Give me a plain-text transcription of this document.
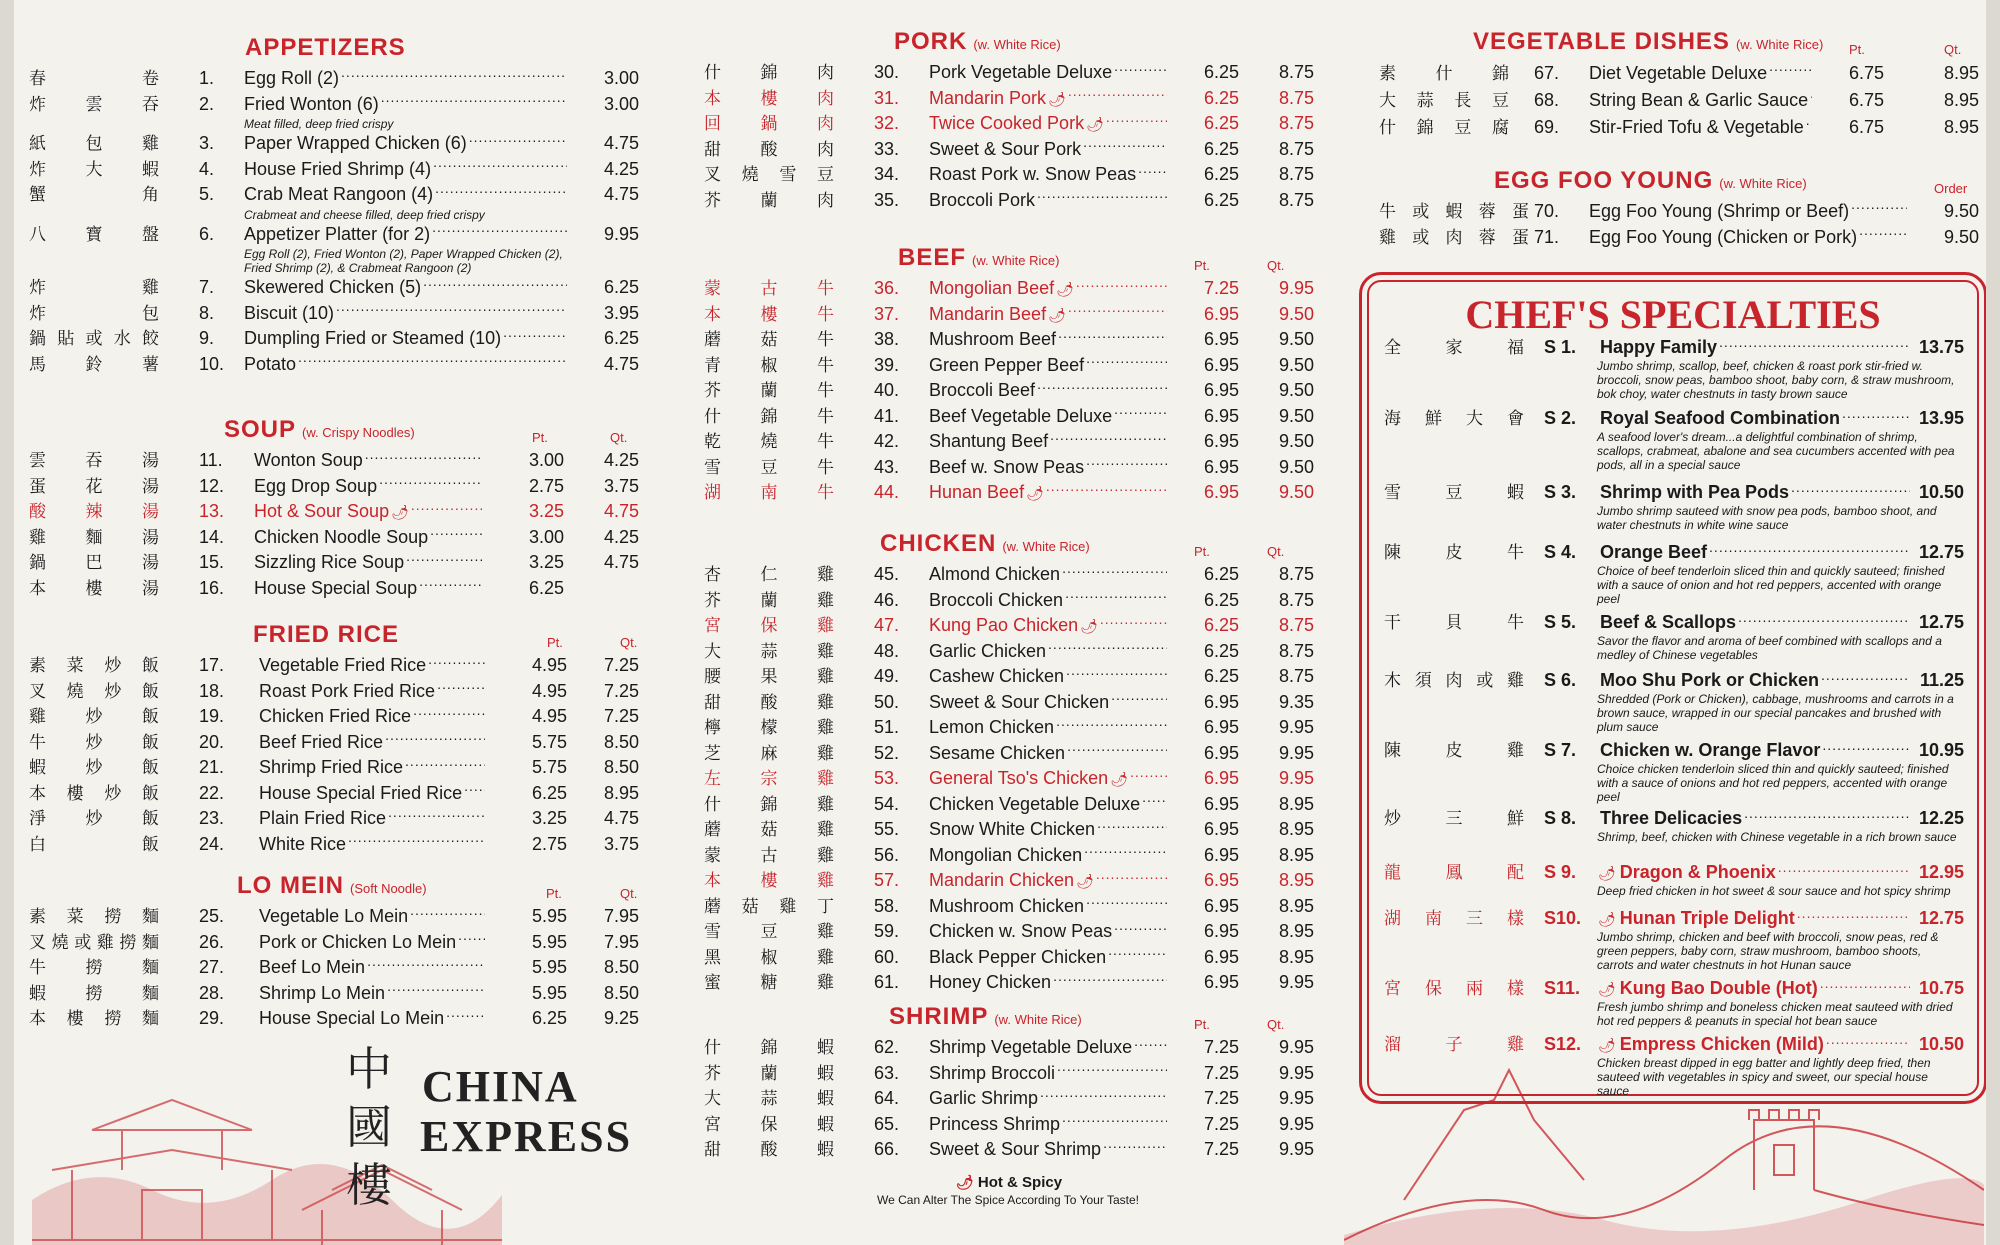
APPETIZERS
春	卷 1.	Egg Roll (2) .....	3.00
炸 雲 吞 2.	Fried Wonton (6) .....	3.00
Meat filled, deep fried crispy
紙 包 雞 3.	Paper Wrapped Chicken (6) .....	4.75
炸 大 蝦 4.	House Fried Shrimp (4) .....	4.25
蟹	角 5.	Crab Meat Rangoon (4) .....	4.75
Crabmeat and cheese filled, deep fried crispy
八 寶 盤 6.	Appetizer Platter (for 2) .....	9.95
Egg Roll (2), Fried Wonton (2), Paper Wrapped Chicken (2), Fried Shrimp (2), & Crabmeat Rangoon (2)
炸	雞 7.	Skewered Chicken (5) .....	6.25
炸	包 8.	Biscuit (10) .....	3.95
鍋 貼 或 水 餃 9.	Dumpling Fried or Steamed (10) .....	6.25
馬 鈴 薯 10.	Potato .....	4.75
SOUP (w. Crispy Noodles)	Pt.	Qt.
雲 吞 湯 11.	Wonton Soup .....	3.00	4.25
蛋 花 湯 12.	Egg Drop Soup .....	2.75	3.75
酸 辣 湯 13.	Hot & Sour Soup 🌶 .....	3.25	4.75
雞 麵 湯 14.	Chicken Noodle Soup .....	3.00	4.25
鍋 巴 湯 15.	Sizzling Rice Soup .....	3.25	4.75
本 樓 湯 16.	House Special Soup .....	6.25
FRIED RICE	Pt.	Qt.
素 菜 炒 飯 17.	Vegetable Fried Rice .....	4.95	7.25
叉 燒 炒 飯 18.	Roast Pork Fried Rice .....	4.95	7.25
雞 炒 飯 19.	Chicken Fried Rice .....	4.95	7.25
牛 炒 飯 20.	Beef Fried Rice .....	5.75	8.50
蝦 炒 飯 21.	Shrimp Fried Rice .....	5.75	8.50
本 樓 炒 飯 22.	House Special Fried Rice .....	6.25	8.95
淨 炒 飯 23.	Plain Fried Rice .....	3.25	4.75
白	飯 24.	White Rice .....	2.75	3.75
LO MEIN (Soft Noodle)	Pt.	Qt.
素 菜 撈 麵 25.	Vegetable Lo Mein .....	5.95	7.95
叉 燒 或 雞 撈 麵 26.	Pork or Chicken Lo Mein .....	5.95	7.95
牛 撈 麵 27.	Beef Lo Mein .....	5.95	8.50
蝦 撈 麵 28.	Shrimp Lo Mein .....	5.95	8.50
本 樓 撈 麵 29.	House Special Lo Mein .....	6.25	9.25
PORK (w. White Rice)
什 錦 肉 30.	Pork Vegetable Deluxe .....	6.25	8.75
本 樓 肉 31.	Mandarin Pork 🌶 .....	6.25	8.75
回 鍋 肉 32.	Twice Cooked Pork 🌶 .....	6.25	8.75
甜 酸 肉 33.	Sweet & Sour Pork .....	6.25	8.75
叉 燒 雪 豆 34.	Roast Pork w. Snow Peas .....	6.25	8.75
芥 蘭 肉 35.	Broccoli Pork .....	6.25	8.75
BEEF (w. White Rice)	Pt.	Qt.
蒙 古 牛 36.	Mongolian Beef 🌶 .....	7.25	9.95
本 樓 牛 37.	Mandarin Beef 🌶 .....	6.95	9.50
蘑 菇 牛 38.	Mushroom Beef .....	6.95	9.50
青 椒 牛 39.	Green Pepper Beef .....	6.95	9.50
芥 蘭 牛 40.	Broccoli Beef .....	6.95	9.50
什 錦 牛 41.	Beef Vegetable Deluxe .....	6.95	9.50
乾 燒 牛 42.	Shantung Beef .....	6.95	9.50
雪 豆 牛 43.	Beef w. Snow Peas .....	6.95	9.50
湖 南 牛 44.	Hunan Beef 🌶 .....	6.95	9.50
CHICKEN (w. White Rice)	Pt.	Qt.
杏 仁 雞 45.	Almond Chicken .....	6.25	8.75
芥 蘭 雞 46.	Broccoli Chicken .....	6.25	8.75
宮 保 雞 47.	Kung Pao Chicken 🌶 .....	6.25	8.75
大 蒜 雞 48.	Garlic Chicken .....	6.25	8.75
腰 果 雞 49.	Cashew Chicken .....	6.25	8.75
甜 酸 雞 50.	Sweet & Sour Chicken .....	6.95	9.35
檸 檬 雞 51.	Lemon Chicken .....	6.95	9.95
芝 麻 雞 52.	Sesame Chicken .....	6.95	9.95
左 宗 雞 53.	General Tso's Chicken 🌶 .....	6.95	9.95
什 錦 雞 54.	Chicken Vegetable Deluxe .....	6.95	8.95
蘑 菇 雞 55.	Snow White Chicken .....	6.95	8.95
蒙 古 雞 56.	Mongolian Chicken .....	6.95	8.95
本 樓 雞 57.	Mandarin Chicken 🌶 .....	6.95	8.95
蘑 菇 雞 丁 58.	Mushroom Chicken .....	6.95	8.95
雪 豆 雞 59.	Chicken w. Snow Peas .....	6.95	8.95
黑 椒 雞 60.	Black Pepper Chicken .....	6.95	8.95
蜜 糖 雞 61.	Honey Chicken .....	6.95	9.95
SHRIMP (w. White Rice)	Pt.	Qt.
什 錦 蝦 62.	Shrimp Vegetable Deluxe .....	7.25	9.95
芥 蘭 蝦 63.	Shrimp Broccoli .....	7.25	9.95
大 蒜 蝦 64.	Garlic Shrimp .....	7.25	9.95
宮 保 蝦 65.	Princess Shrimp .....	7.25	9.95
甜 酸 蝦 66.	Sweet & Sour Shrimp .....	7.25	9.95
🌶 Hot & Spicy
We Can Alter The Spice According To Your Taste!
VEGETABLE DISHES (w. White Rice)	Pt.	Qt.
素 什 錦 67.	Diet Vegetable Deluxe .....	6.75	8.95
大 蒜 長 豆 68.	String Bean & Garlic Sauce .....	6.75	8.95
什 錦 豆 腐 69.	Stir-Fried Tofu & Vegetable .....	6.75	8.95
EGG FOO YOUNG (w. White Rice)	Order
牛 或 蝦 蓉 蛋 70.	Egg Foo Young (Shrimp or Beef) .....	9.50
雞 或 肉 蓉 蛋 71.	Egg Foo Young (Chicken or Pork) .....	9.50
CHEF'S SPECIALTIES
全	家	福 S 1.	Happy Family .....	13.75
Jumbo shrimp, scallop, beef, chicken & roast pork stir-fried w. broccoli, snow peas, bamboo shoot, baby corn, & straw mushroom, bok choy, water chestnuts in tasty brown sauce
海 鮮 大 會 S 2.	Royal Seafood Combination .....	13.95
A seafood lover's dream...a delightful combination of shrimp, scallops, crabmeat, abalone and sea cucumbers accented with pea pods, all in a special sauce
雪	豆	蝦 S 3.	Shrimp with Pea Pods .....	10.50
Jumbo shrimp sauteed with snow pea pods, bamboo shoot, and water chestnuts in white wine sauce
陳	皮	牛 S 4.	Orange Beef .....	12.75
Choice of beef tenderloin sliced thin and quickly sauteed; finished with a sauce of onion and hot red peppers, accented with orange peel
干	貝	牛 S 5.	Beef & Scallops .....	12.75
Savor the flavor and aroma of beef combined with scallops and a medley of Chinese vegetables
木 須 肉 或 雞 S 6.	Moo Shu Pork or Chicken .....	11.25
Shredded (Pork or Chicken), cabbage, mushrooms and carrots in a brown sauce, wrapped in our special pancakes and brushed with plum sauce
陳	皮	雞 S 7.	Chicken w. Orange Flavor .....	10.95
Choice chicken tenderloin sliced thin and quickly sauteed; finished with a sauce of onions and hot red peppers, accented with orange peel
炒	三	鮮 S 8.	Three Delicacies .....	12.25
Shrimp, beef, chicken with Chinese vegetable in a rich brown sauce
龍	鳳	配 S 9.	🌶 Dragon & Phoenix .....	12.95
Deep fried chicken in hot sweet & sour sauce and hot spicy shrimp
湖 南 三 樣 S10.	🌶 Hunan Triple Delight .....	12.75
Jumbo shrimp, chicken and beef with broccoli, snow peas, red & green peppers, baby corn, straw mushroom, bamboo shoots, carrots and water chestnuts in hot Hunan sauce
宮 保 兩 樣 S11.	🌶 Kung Bao Double (Hot) .....	10.75
Fresh jumbo shrimp and boneless chicken meat sauteed with dried hot red peppers & peanuts in special hot bean sauce
溜	子	雞 S12.	🌶 Empress Chicken (Mild) .....	10.50
Chicken breast dipped in egg batter and lightly deep fried, then sauteed with vegetables in spicy and sweet, our special house sauce
中
國
樓
CHINA
EXPRESS
